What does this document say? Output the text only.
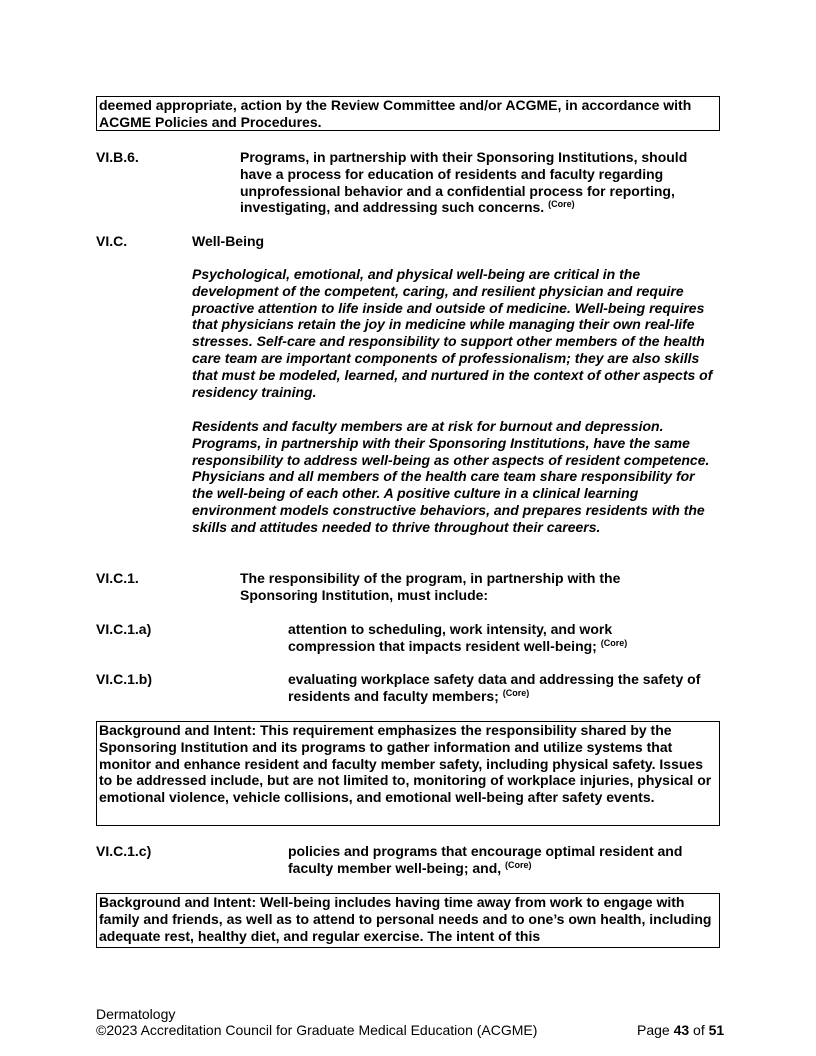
deemed appropriate, action by the Review Committee and/or ACGME, in accordance with ACGME Policies and Procedures.
VI.B.6.	Programs, in partnership with their Sponsoring Institutions, should have a process for education of residents and faculty regarding unprofessional behavior and a confidential process for reporting, investigating, and addressing such concerns. $^{(Core)}$
VI.C.	Well-Being
Psychological, emotional, and physical well-being are critical in the development of the competent, caring, and resilient physician and require proactive attention to life inside and outside of medicine. Well-being requires that physicians retain the joy in medicine while managing their own real-life stresses. Self-care and responsibility to support other members of the health care team are important components of professionalism; they are also skills that must be modeled, learned, and nurtured in the context of other aspects of residency training.
Residents and faculty members are at risk for burnout and depression. Programs, in partnership with their Sponsoring Institutions, have the same responsibility to address well-being as other aspects of resident competence. Physicians and all members of the health care team share responsibility for the well-being of each other. A positive culture in a clinical learning environment models constructive behaviors, and prepares residents with the skills and attitudes needed to thrive throughout their careers.
VI.C.1.	The responsibility of the program, in partnership with the Sponsoring Institution, must include:
VI.C.1.a)	attention to scheduling, work intensity, and work compression that impacts resident well-being; $^{(Core)}$
VI.C.1.b)	evaluating workplace safety data and addressing the safety of residents and faculty members; $^{(Core)}$
Background and Intent: This requirement emphasizes the responsibility shared by the Sponsoring Institution and its programs to gather information and utilize systems that monitor and enhance resident and faculty member safety, including physical safety. Issues to be addressed include, but are not limited to, monitoring of workplace injuries, physical or emotional violence, vehicle collisions, and emotional well-being after safety events.
VI.C.1.c)	policies and programs that encourage optimal resident and faculty member well-being; and, $^{(Core)}$
Background and Intent: Well-being includes having time away from work to engage with family and friends, as well as to attend to personal needs and to one’s own health, including adequate rest, healthy diet, and regular exercise. The intent of this
Dermatology
©2023 Accreditation Council for Graduate Medical Education (ACGME)	Page 43 of 51
